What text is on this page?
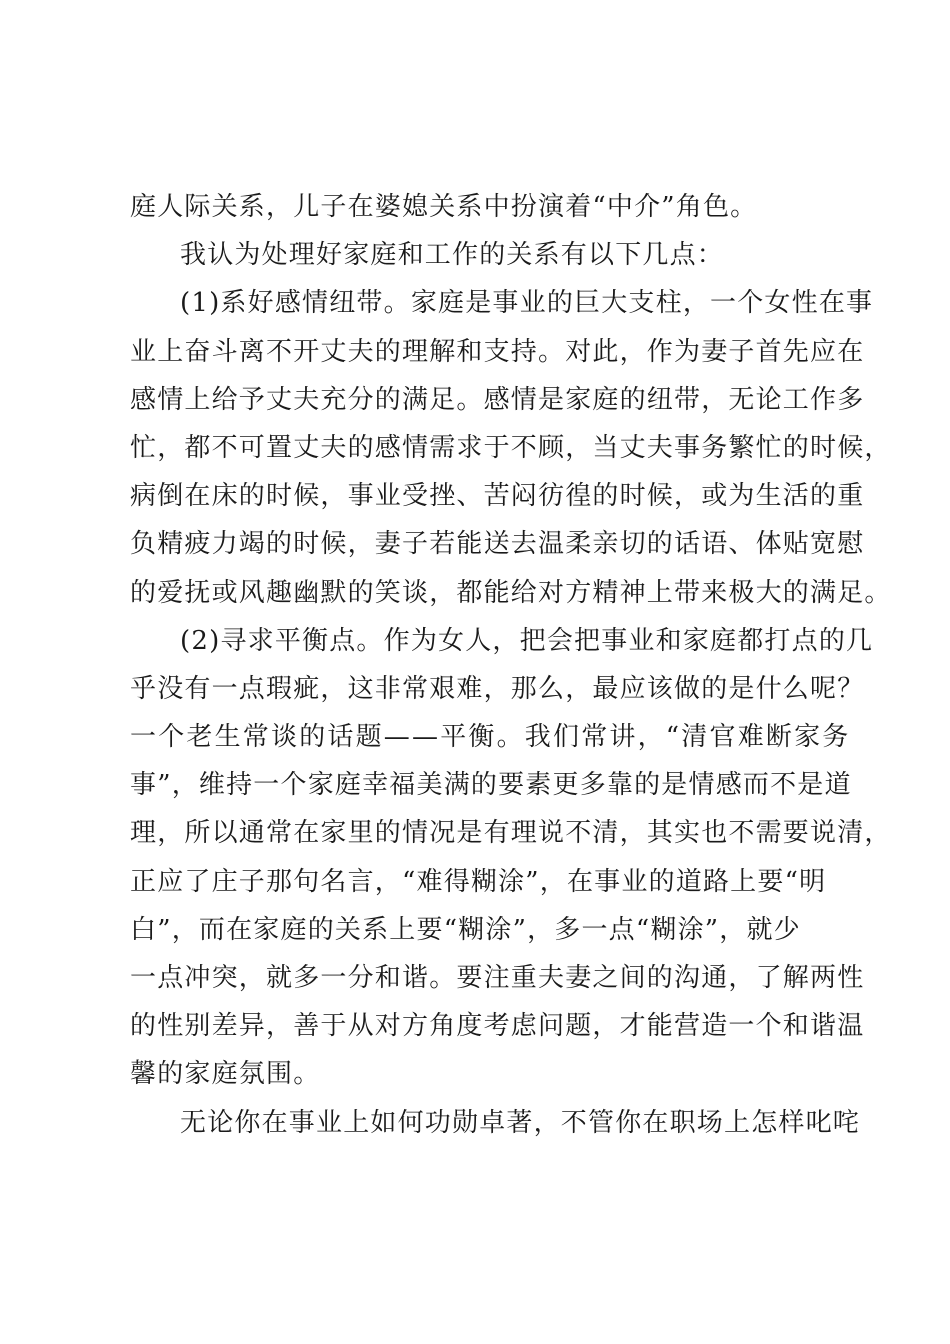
庭人际关系，儿子在婆媳关系中扮演着“中介”角色。
我认为处理好家庭和工作的关系有以下几点：
(1)系好感情纽带。家庭是事业的巨大支柱，一个女性在事
业上奋斗离不开丈夫的理解和支持。对此，作为妻子首先应在
感情上给予丈夫充分的满足。感情是家庭的纽带，无论工作多
忙，都不可置丈夫的感情需求于不顾，当丈夫事务繁忙的时候，
病倒在床的时候，事业受挫、苦闷彷徨的时候，或为生活的重
负精疲力竭的时候，妻子若能送去温柔亲切的话语、体贴宽慰
的爱抚或风趣幽默的笑谈，都能给对方精神上带来极大的满足。
(2)寻求平衡点。作为女人，把会把事业和家庭都打点的几
乎没有一点瑕疵，这非常艰难，那么，最应该做的是什么呢？
一个老生常谈的话题——平衡。我们常讲，“清官难断家务
事”，维持一个家庭幸福美满的要素更多靠的是情感而不是道
理，所以通常在家里的情况是有理说不清，其实也不需要说清，
正应了庄子那句名言，“难得糊涂”，在事业的道路上要“明
白”，而在家庭的关系上要“糊涂”，多一点“糊涂”，就少
一点冲突，就多一分和谐。要注重夫妻之间的沟通，了解两性
的性别差异，善于从对方角度考虑问题，才能营造一个和谐温
馨的家庭氛围。
无论你在事业上如何功勋卓著，不管你在职场上怎样叱咤
